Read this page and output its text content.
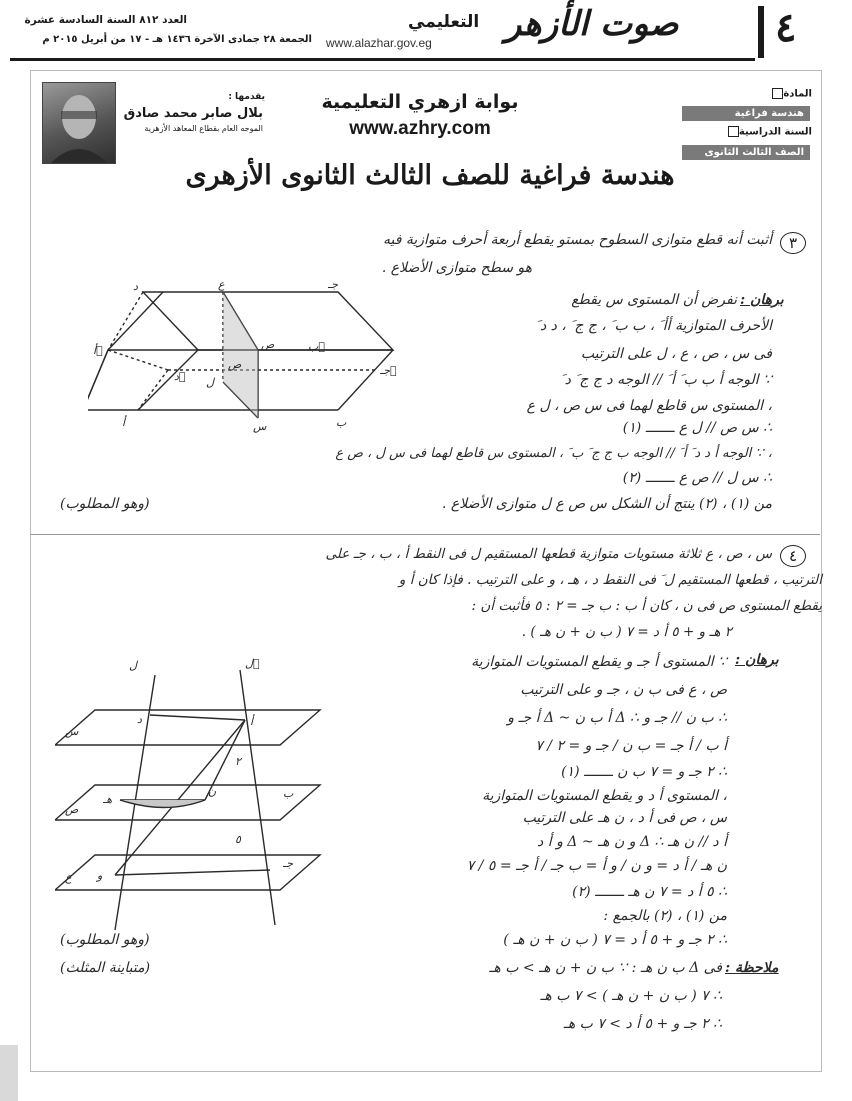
العدد ٨١٢ السنة السادسة عشرة
الجمعة ٢٨ جمادى الآخرة ١٤٣٦ هـ - ١٧ من أبريل ٢٠١٥ م www.alazhar.gov.eg
التعليمي صوت الأزهر ٤
يقدمها :
بلال صابر محمد صادق
الموجه العام بقطاع المعاهد الأزهرية
بوابة ازهري التعليمية
www.azhry.com
هندسة فراغية للصف الثالث الثانوى الأزهرى
المادة
هندسة فراغية
السنة الدراسية
الصف الثالث الثانوى
٣
أثبت أنه قطع متوازى السطوح بمستو يقطع أربعة أحرف متوازية فيه
هو سطح متوازى الأضلاع .
برهان :
نفرض أن المستوى س يقطع
الأحرف المتوازية أأ َ ، ب ب َ ، ج ج َ ، د د َ
فى س ، ص ، ع ، ل على الترتيب
∵ الوجه أ ب ب َ أ َ // الوجه د ج ج َ د َ
، المستوى س قاطع لهما فى س ص ، ل ع
∴ س ص // ل ع ـــــــ (١)
، ∵ الوجه أ د د َ أ َ // الوجه ب ج ج َ ب َ ، المستوى س قاطع لهما فى س ل ، ص ع
∴ س ل // ص ع ـــــــ (٢)
من (١) ، (٢) ينتج أن الشكل س ص ع ل متوازى الأضلاع .
(وهو المطلوب)
د	جـ
ع
أ َ	ص	ب َ
ل
س
أ	ب
د َ	جـ َ
ص
٤
س ، ص ، ع ثلاثة مستويات متوازية قطعها المستقيم ل فى النقط أ ، ب ، جـ على
الترتيب ، قطعها المستقيم ل َ فى النقط د ، هـ ، و على الترتيب . فإذا كان أ و
يقطع المستوى ص فى ن ، كان أ ب : ب جـ = ٢ : ٥ فأثبت أن :
٢ هـ و + ٥ أ د = ٧ ( ب ن + ن هـ ) .
برهان :
∵ المستوى أ جـ و يقطع المستويات المتوازية
ص ، ع فى ب ن ، جـ و على الترتيب
∴ ب ن // جـ و ∴ Δ أ ب ن ~ Δ أ جـ و
أ ب / أ جـ = ب ن / جـ و = ٢ / ٧
∴ ٢ جـ و = ٧ ب ن ـــــــ (١)
، المستوى أ د و يقطع المستويات المتوازية
س ، ص فى أ د ، ن هـ على الترتيب
أ د // ن هـ ∴ Δ و ن هـ ~ Δ و أ د
ن هـ / أ د = و ن / و أ = ب جـ / أ جـ = ٥ / ٧
∴ ٥ أ د = ٧ ن هـ ـــــــ (٢)
من (١) ، (٢) بالجمع :
∴ ٢ جـ و + ٥ أ د = ٧ ( ب ن + ن هـ )
(وهو المطلوب)
ملاحظة :
(متباينة المثلث)	فى Δ ب ن هـ : ∵ ب ن + ن هـ > ب هـ
∴ ٧ ( ب ن + ن هـ ) > ٧ ب هـ
∴ ٢ جـ و + ٥ أ د > ٧ ب هـ
ل	ل َ
س
ص
ع
أ
د
ب
هـ
ن
جـ
و
٢
٥
